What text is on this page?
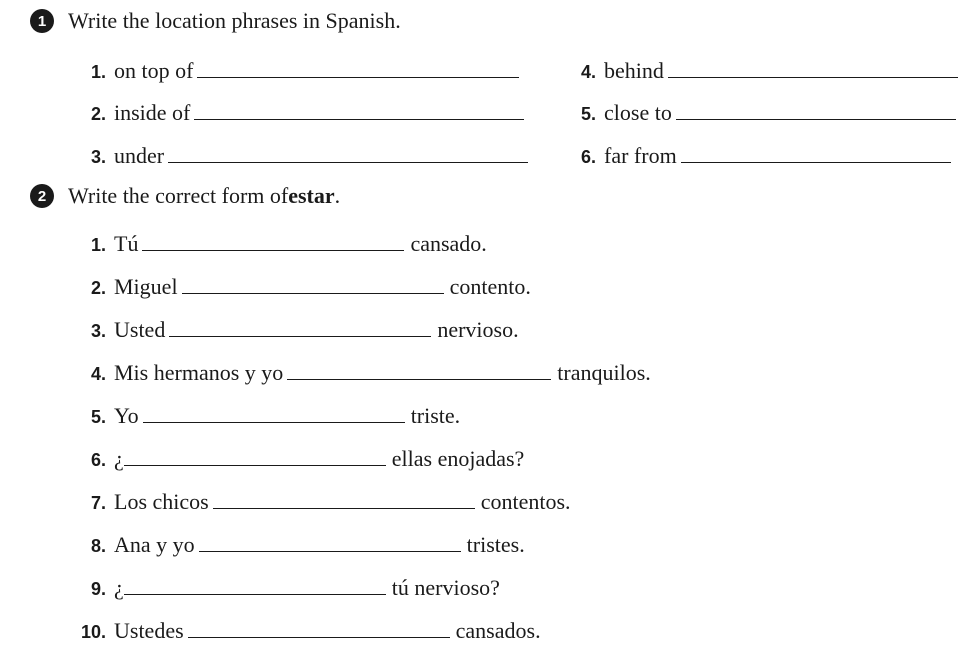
1 Write the location phrases in Spanish.
1. on top of
2. inside of
3. under
4. behind
5. close to
6. far from
2 Write the correct form of estar .
1. Tú	cansado.
2. Miguel	contento.
3. Usted	nervioso.
4. Mis hermanos y yo	tranquilos.
5. Yo	triste.
6. ¿	ellas enojadas?
7. Los chicos	contentos.
8. Ana y yo	tristes.
9. ¿	tú nervioso?
10. Ustedes	cansados.
